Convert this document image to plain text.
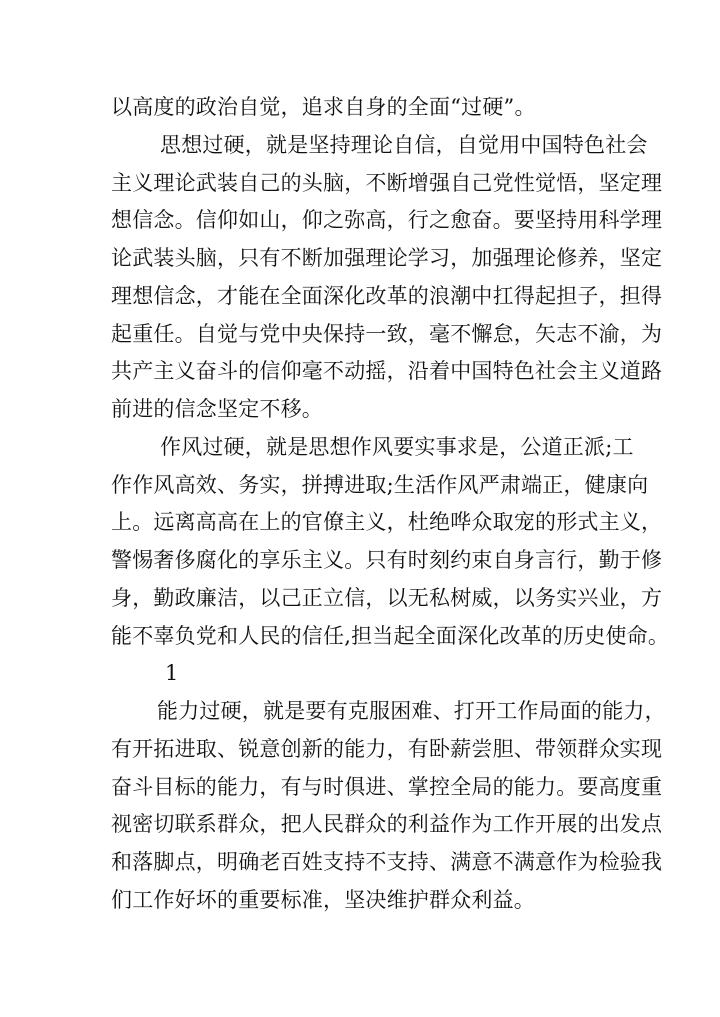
以高度的政治自觉，追求自身的全面“过硬”。
思想过硬，就是坚持理论自信，自觉用中国特色社会
主义理论武装自己的头脑，不断增强自己党性觉悟，坚定理
想信念。信仰如山，仰之弥高，行之愈奋。要坚持用科学理
论武装头脑，只有不断加强理论学习，加强理论修养，坚定
理想信念，才能在全面深化改革的浪潮中扛得起担子，担得
起重任。自觉与党中央保持一致，毫不懈怠，矢志不渝，为
共产主义奋斗的信仰毫不动摇，沿着中国特色社会主义道路
前进的信念坚定不移。
作风过硬，就是思想作风要实事求是，公道正派;工
作作风高效、务实，拼搏进取;生活作风严肃端正，健康向
上。远离高高在上的官僚主义，杜绝哗众取宠的形式主义，
警惕奢侈腐化的享乐主义。只有时刻约束自身言行，勤于修
身，勤政廉洁，以己正立信，以无私树威，以务实兴业，方
能不辜负党和人民的信任,担当起全面深化改革的历史使命。
1
能力过硬，就是要有克服困难、打开工作局面的能力，
有开拓进取、锐意创新的能力，有卧薪尝胆、带领群众实现
奋斗目标的能力，有与时俱进、掌控全局的能力。要高度重
视密切联系群众，把人民群众的利益作为工作开展的出发点
和落脚点，明确老百姓支持不支持、满意不满意作为检验我
们工作好坏的重要标准，坚决维护群众利益。
